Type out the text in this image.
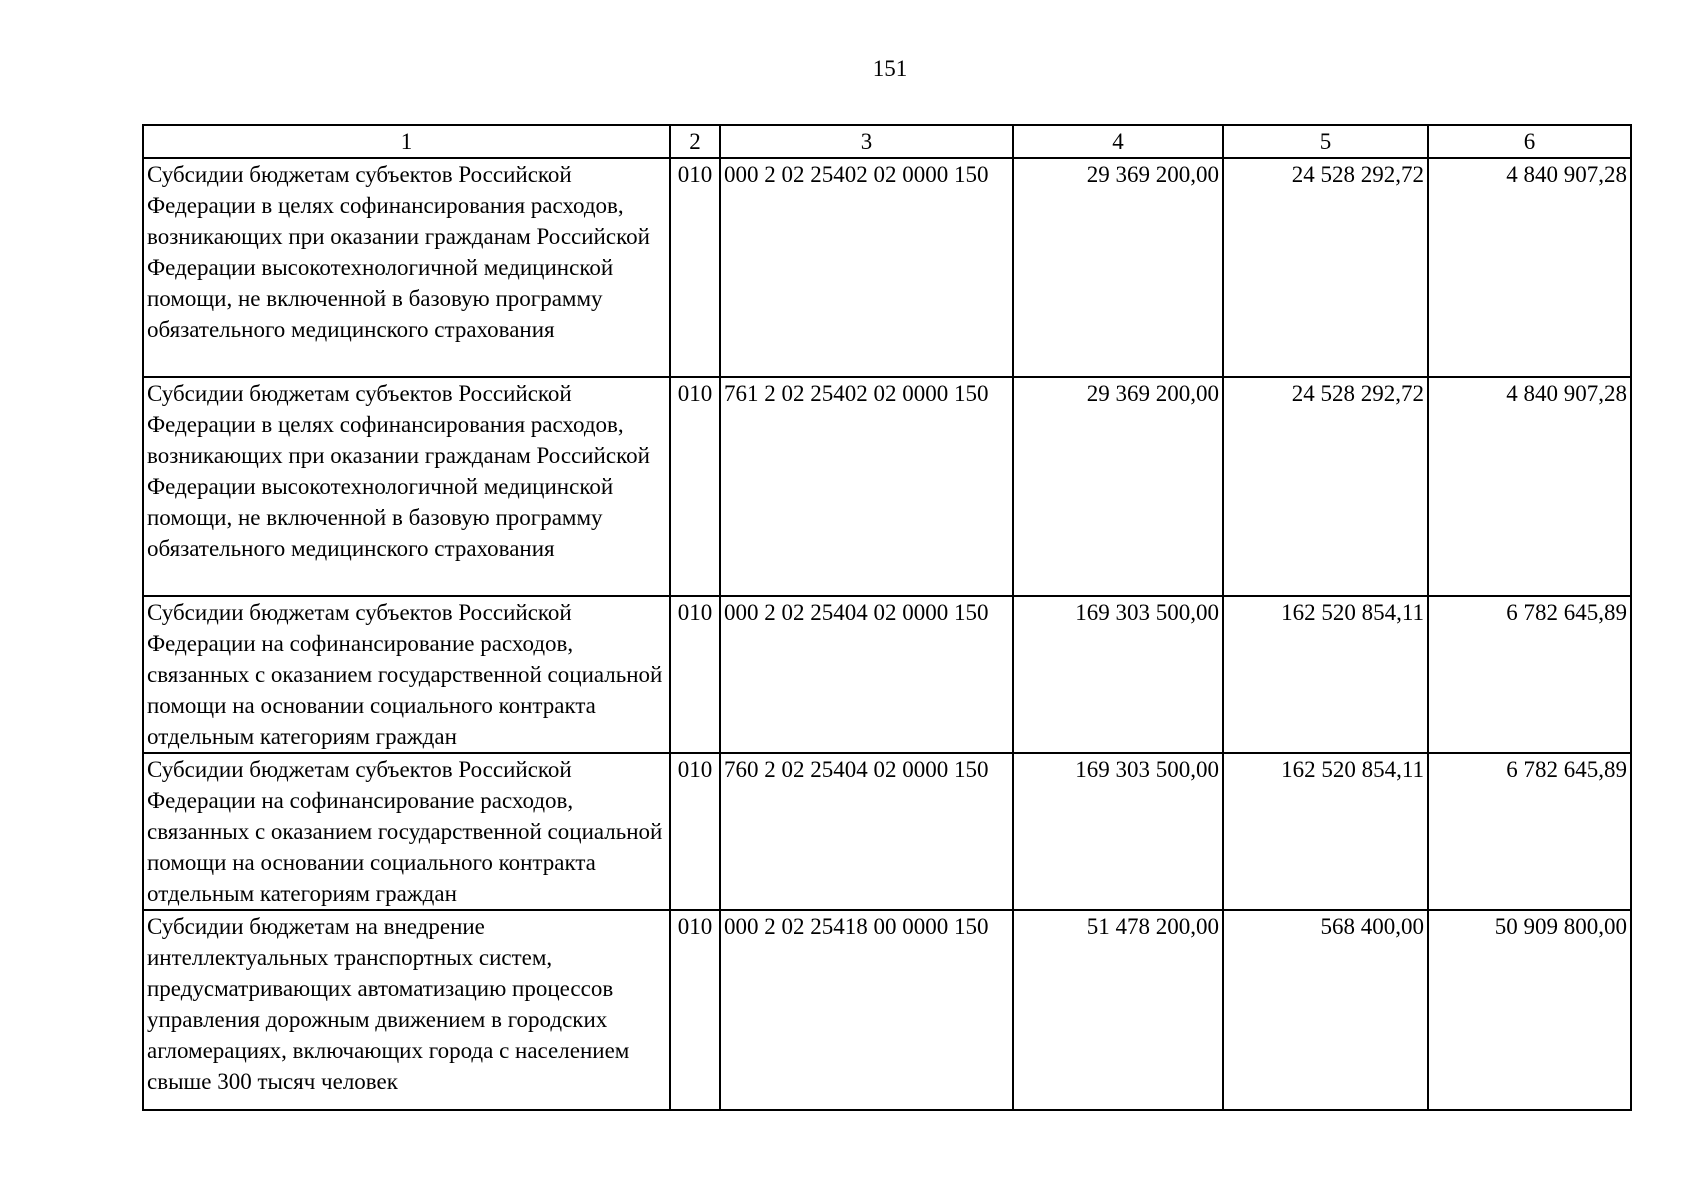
151
1	2	3	4	5	6
Субсидии бюджетам субъектов Российской Федерации в целях софинансирования расходов, возникающих при оказании гражданам Российской Федерации высокотехнологичной медицинской помощи, не включенной в базовую программу обязательного медицинского страхования	010	000 2 02 25402 02 0000 150	29 369 200,00	24 528 292,72	4 840 907,28
Субсидии бюджетам субъектов Российской Федерации в целях софинансирования расходов, возникающих при оказании гражданам Российской Федерации высокотехнологичной медицинской помощи, не включенной в базовую программу обязательного медицинского страхования	010	761 2 02 25402 02 0000 150	29 369 200,00	24 528 292,72	4 840 907,28
Субсидии бюджетам субъектов Российской Федерации на софинансирование расходов, связанных с оказанием государственной социальной помощи на основании социального контракта отдельным категориям граждан	010	000 2 02 25404 02 0000 150	169 303 500,00	162 520 854,11	6 782 645,89
Субсидии бюджетам субъектов Российской Федерации на софинансирование расходов, связанных с оказанием государственной социальной помощи на основании социального контракта отдельным категориям граждан	010	760 2 02 25404 02 0000 150	169 303 500,00	162 520 854,11	6 782 645,89
Субсидии бюджетам на внедрение интеллектуальных транспортных систем, предусматривающих автоматизацию процессов управления дорожным движением в городских агломерациях, включающих города с населением свыше 300 тысяч человек	010	000 2 02 25418 00 0000 150	51 478 200,00	568 400,00	50 909 800,00
